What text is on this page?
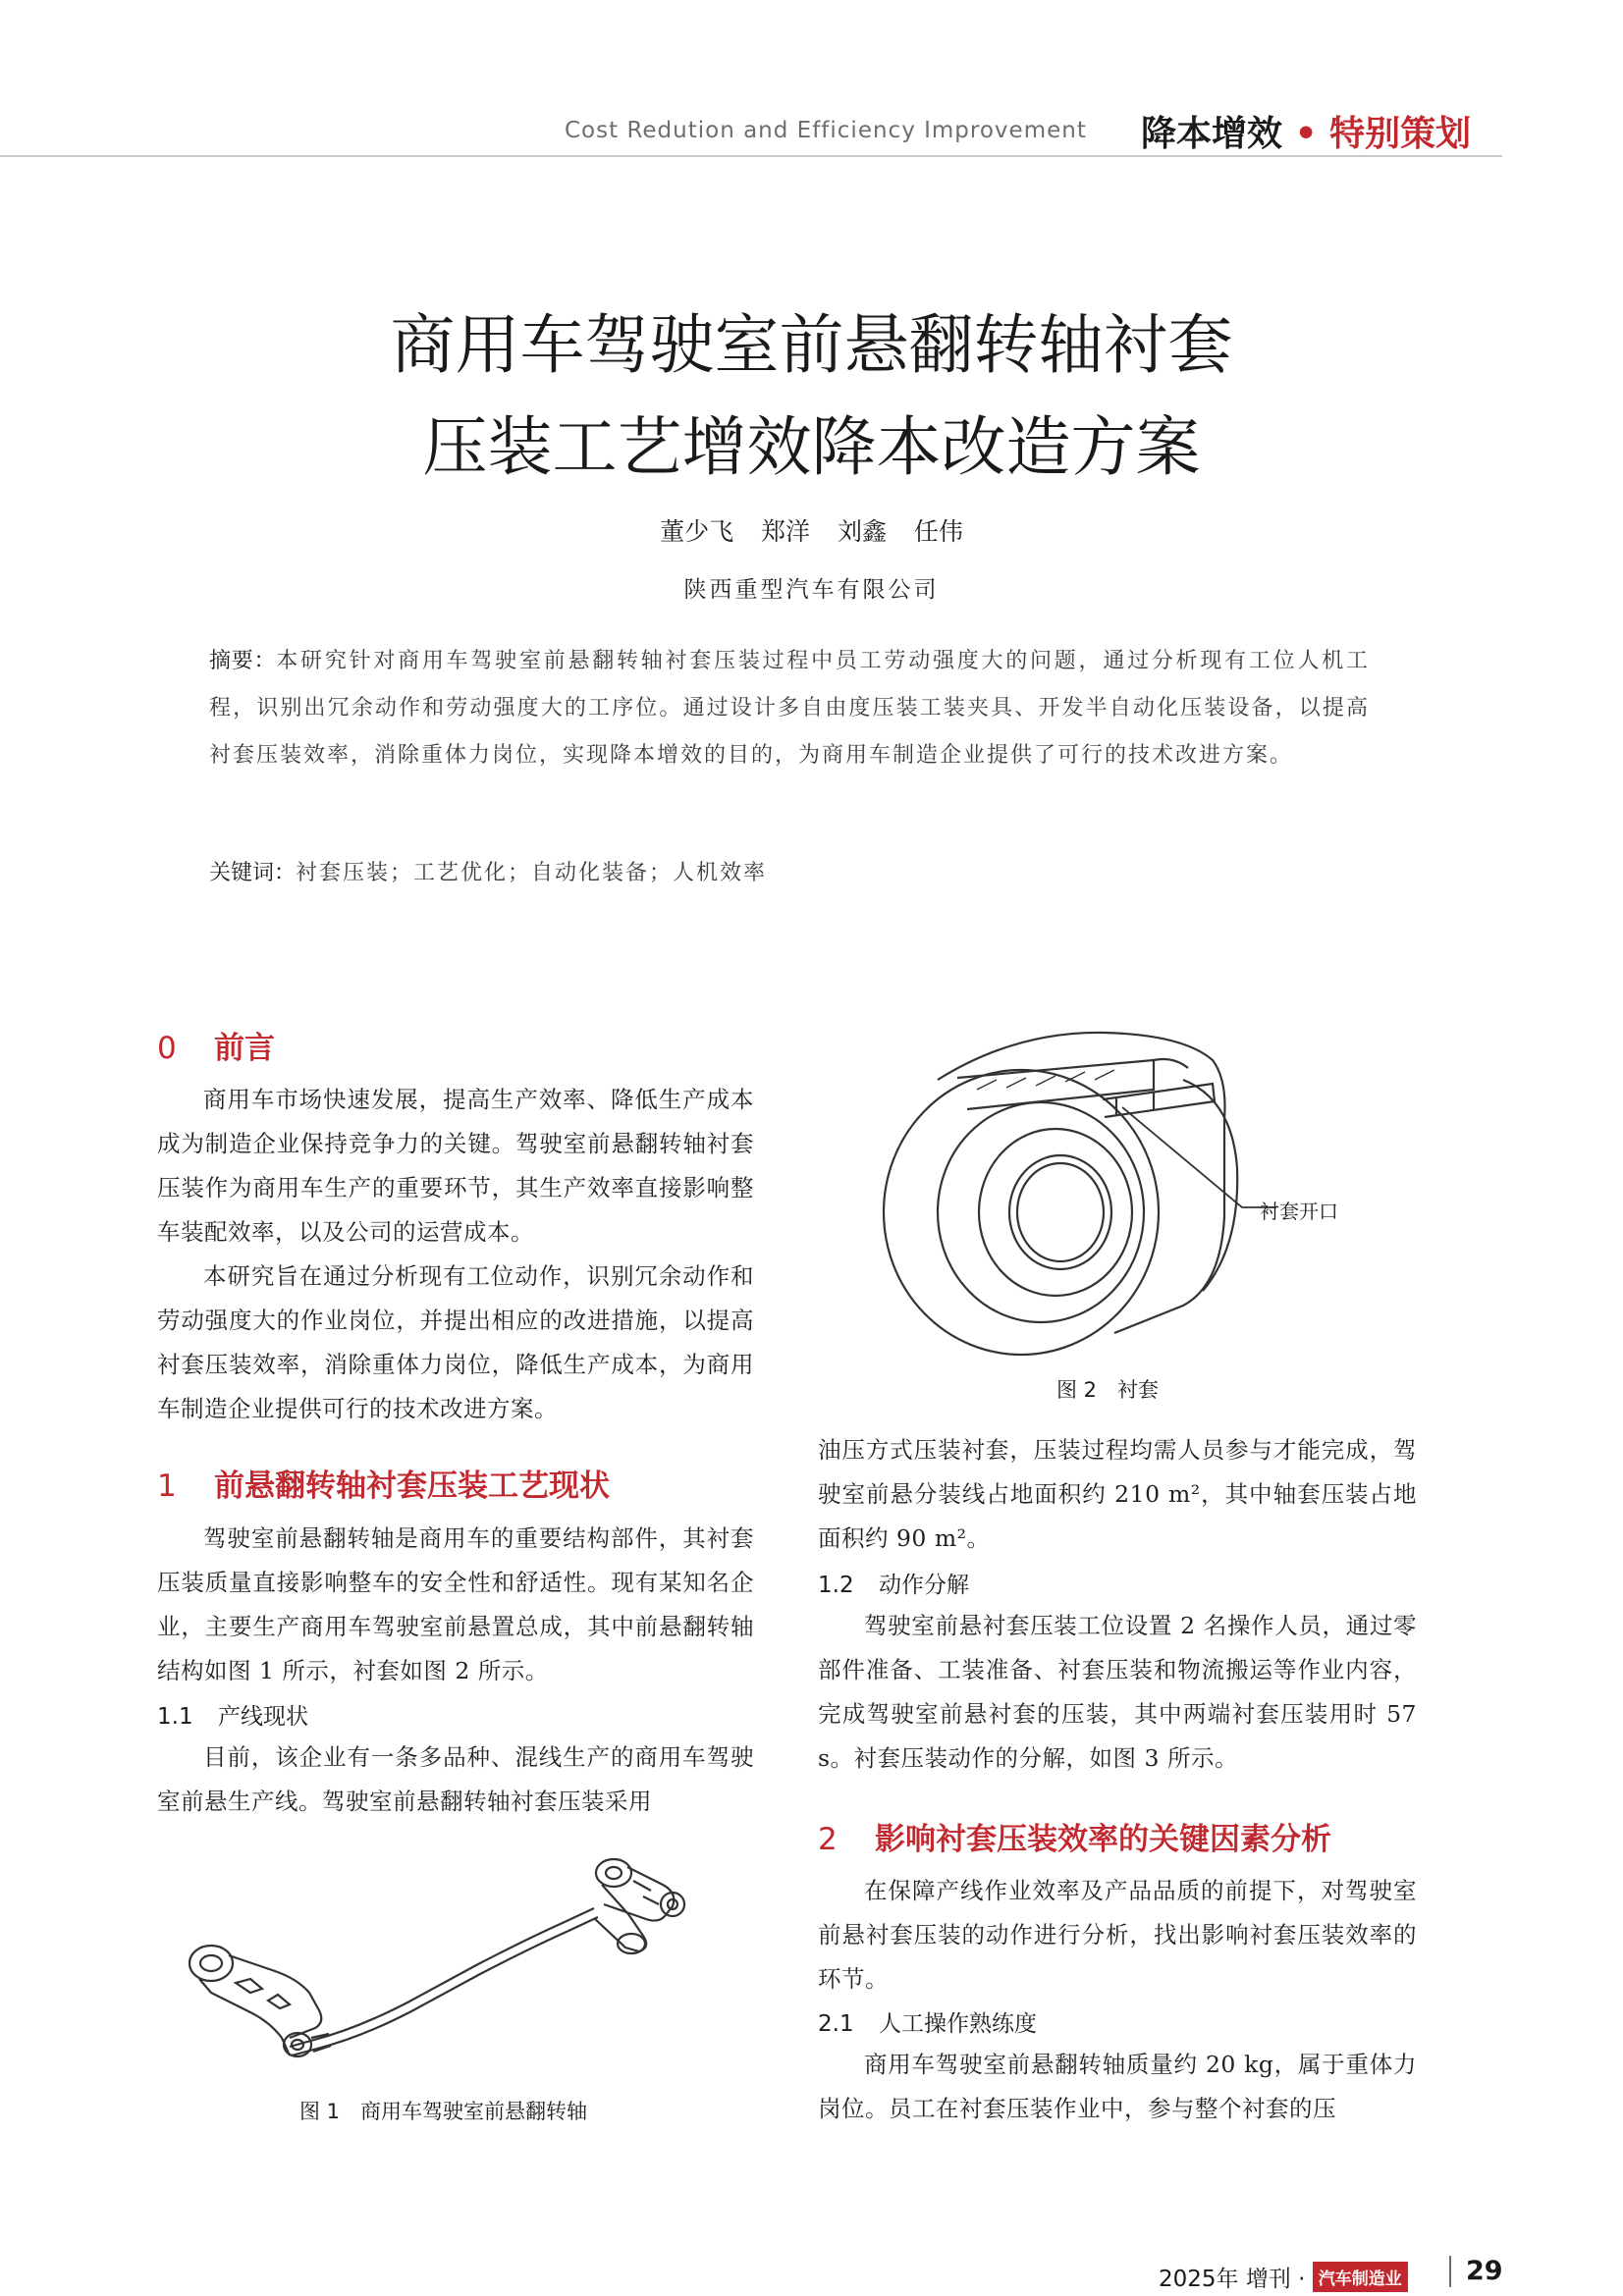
Cost Redution and Efficiency Improvement 降本增效 • 特别策划
商用车驾驶室前悬翻转轴衬套
压装工艺增效降本改造方案
董少飞 郑洋 刘鑫 任伟
陕西重型汽车有限公司
摘要：本研究针对商用车驾驶室前悬翻转轴衬套压装过程中员工劳动强度大的问题，通过分析现有工位人机工程，识别出冗余动作和劳动强度大的工序位。通过设计多自由度压装工装夹具、开发半自动化压装设备，以提高衬套压装效率，消除重体力岗位，实现降本增效的目的，为商用车制造企业提供了可行的技术改进方案。
关键词：衬套压装；工艺优化；自动化装备；人机效率
0 前言

商用车市场快速发展，提高生产效率、降低生产成本成为制造企业保持竞争力的关键。驾驶室前悬翻转轴衬套压装作为商用车生产的重要环节，其生产效率直接影响整车装配效率，以及公司的运营成本。

本研究旨在通过分析现有工位动作，识别冗余动作和劳动强度大的作业岗位，并提出相应的改进措施，以提高衬套压装效率，消除重体力岗位，降低生产成本，为商用车制造企业提供可行的技术改进方案。

1 前悬翻转轴衬套压装工艺现状

驾驶室前悬翻转轴是商用车的重要结构部件，其衬套压装质量直接影响整车的安全性和舒适性。现有某知名企业，主要生产商用车驾驶室前悬置总成，其中前悬翻转轴结构如图 1 所示，衬套如图 2 所示。

1.1 产线现状

目前，该企业有一条多品种、混线生产的商用车驾驶室前悬生产线。驾驶室前悬翻转轴衬套压装采用

图 1　商用车驾驶室前悬翻转轴
衬套开口
图 2　衬套

油压方式压装衬套，压装过程均需人员参与才能完成，驾驶室前悬分装线占地面积约 210 m²，其中轴套压装占地面积约 90 m²。

1.2 动作分解

驾驶室前悬衬套压装工位设置 2 名操作人员，通过零部件准备、工装准备、衬套压装和物流搬运等作业内容，完成驾驶室前悬衬套的压装，其中两端衬套压装用时 57 s。衬套压装动作的分解，如图 3 所示。

2 影响衬套压装效率的关键因素分析

在保障产线作业效率及产品品质的前提下，对驾驶室前悬衬套压装的动作进行分析，找出影响衬套压装效率的环节。

2.1 人工操作熟练度

商用车驾驶室前悬翻转轴质量约 20 kg，属于重体力岗位。员工在衬套压装作业中，参与整个衬套的压

2025年 增刊 · 汽车制造业 29
